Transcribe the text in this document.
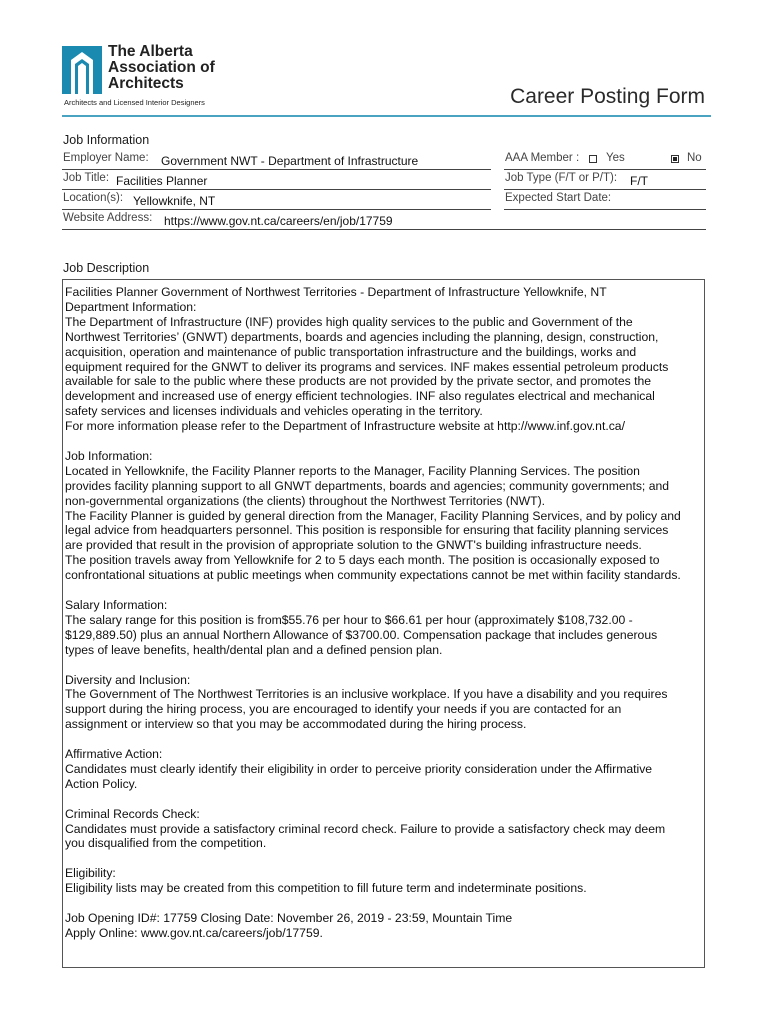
The Alberta
Association of
Architects
Architects and Licensed Interior Designers	Career Posting Form
Job Information
Employer Name: Government NWT - Department of Infrastructure	AAA Member : Yes	No
Job Title: Facilities Planner	Job Type (F/T or P/T): F/T
Location(s): Yellowknife, NT	Expected Start Date:
Website Address: https://www.gov.nt.ca/careers/en/job/17759
Job Description
Facilities Planner Government of Northwest Territories - Department of Infrastructure Yellowknife, NT
Department Information:
The Department of Infrastructure (INF) provides high quality services to the public and Government of the
Northwest Territories’ (GNWT) departments, boards and agencies including the planning, design, construction,
acquisition, operation and maintenance of public transportation infrastructure and the buildings, works and
equipment required for the GNWT to deliver its programs and services. INF makes essential petroleum products
available for sale to the public where these products are not provided by the private sector, and promotes the
development and increased use of energy efficient technologies. INF also regulates electrical and mechanical
safety services and licenses individuals and vehicles operating in the territory.
For more information please refer to the Department of Infrastructure website at http://www.inf.gov.nt.ca/
Job Information:
Located in Yellowknife, the Facility Planner reports to the Manager, Facility Planning Services. The position
provides facility planning support to all GNWT departments, boards and agencies; community governments; and
non-governmental organizations (the clients) throughout the Northwest Territories (NWT).
The Facility Planner is guided by general direction from the Manager, Facility Planning Services, and by policy and
legal advice from headquarters personnel. This position is responsible for ensuring that facility planning services
are provided that result in the provision of appropriate solution to the GNWT's building infrastructure needs.
The position travels away from Yellowknife for 2 to 5 days each month. The position is occasionally exposed to
confrontational situations at public meetings when community expectations cannot be met within facility standards.
Salary Information:
The salary range for this position is from$55.76 per hour to $66.61 per hour (approximately $108,732.00 -
$129,889.50) plus an annual Northern Allowance of $3700.00. Compensation package that includes generous
types of leave benefits, health/dental plan and a defined pension plan.
Diversity and Inclusion:
The Government of The Northwest Territories is an inclusive workplace. If you have a disability and you requires
support during the hiring process, you are encouraged to identify your needs if you are contacted for an
assignment or interview so that you may be accommodated during the hiring process.
Affirmative Action:
Candidates must clearly identify their eligibility in order to perceive priority consideration under the Affirmative
Action Policy.
Criminal Records Check:
Candidates must provide a satisfactory criminal record check. Failure to provide a satisfactory check may deem
you disqualified from the competition.
Eligibility:
Eligibility lists may be created from this competition to fill future term and indeterminate positions.
Job Opening ID#: 17759 Closing Date: November 26, 2019 - 23:59, Mountain Time
Apply Online: www.gov.nt.ca/careers/job/17759.
